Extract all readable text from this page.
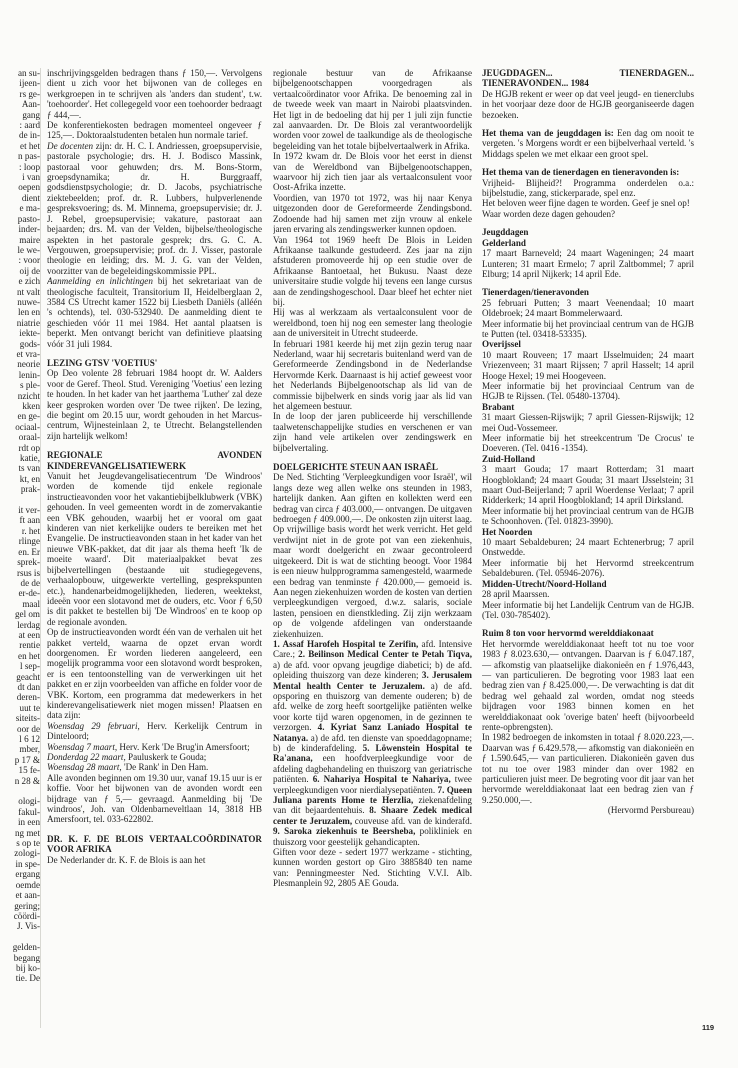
an su-

ijeen-

rs ge-

Aan-

gang

: aard

de in-

et het

n pas-

: loop

i van

oepen

dient

e ma-

pasto-

inder-

maire

le we-

: voor

oij de

e zich

nt valt

nuwe-

len en

niatrie

iekte-

gods-

et vra-

neorie

lenin-

s ple-

nzicht

kken

en ge-

ociaal-

oraal-

rdt op

katie,

ts van

kt, en

prak-

it ver-

ft aan

r. het

rlinge

en. Er

sprek-

rsus is

de de

er-de-

maal

gel om

lerdag

at een

rentie

en het

l sep-

geacht

dt dan

deren-

uut te

siteits-

oor de

l 6 12

mber,

p 17 &

15 fe-

n 28 &

ologi-

fakul-

in een

ng met

s op te

zologi-

in spe-

ergang

oemde

et aan-

gering;

cöördi-

J. Vis-

gelden-

begang

bij ko-

tie. De

inschrijvingsgelden bedragen thans ƒ 150,—. Vervolgens dient u zich voor het bijwonen van de colleges en werkgroepen in te schrijven als 'anders dan student', t.w. 'toehoorder'. Het collegegeld voor een toehoorder bedraagt ƒ 444,—.

De konferentiekosten bedragen momenteel ongeveer ƒ 125,—. Doktoraalstudenten betalen hun normale tarief.

De docenten zijn: dr. H. C. I. Andriessen, groepsupervisie, pastorale psychologie; drs. H. J. Bodisco Massink, pastoraal voor gehuwden; drs. M. Bons-Storm, groepsdynamika; dr. H. Burggraaff, godsdienstpsychologie; dr. D. Jacobs, psychiatrische ziektebeelden; prof. dr. R. Lubbers, hulpverlenende gespreksvoering; ds. M. Minnema, groepsupervisie; dr. J. J. Rebel, groepsupervisie; vakature, pastoraat aan bejaarden; drs. M. van der Velden, bijbelse/theologische aspekten in het pastorale gesprek; drs. G. C. A. Vergouwen, groepsupervisie; prof. dr. J. Visser, pastorale theologie en leiding; drs. M. J. G. van der Velden, voorzitter van de begeleidingskommissie PPL.

Aanmelding en inlichtingen bij het sekretariaat van de theologische faculteit, Transitorium II, Heidelberglaan 2, 3584 CS Utrecht kamer 1522 bij Liesbeth Daniëls (alléén 's ochtends), tel. 030-532940. De aanmelding dient te geschieden vóór 11 mei 1984. Het aantal plaatsen is beperkt. Men ontvangt bericht van definitieve plaatsing vóór 31 juli 1984.

LEZING GTSV 'VOETIUS'

Op Deo volente 28 februari 1984 hoopt dr. W. Aalders voor de Geref. Theol. Stud. Vereniging 'Voetius' een lezing te houden. In het kader van het jaarthema 'Luther' zal deze keer gesproken worden over 'De twee rijken'. De lezing, die begint om 20.15 uur, wordt gehouden in het Marcus-centrum, Wijnesteinlaan 2, te Utrecht. Belangstellenden zijn hartelijk welkom!

REGIONALE AVONDEN KINDEREVANGELISATIEWERK

Vanuit het Jeugdevangelisatiecentrum 'De Windroos' worden de komende tijd enkele regionale instructieavonden voor het vakantiebijbelklubwerk (VBK) gehouden. In veel gemeenten wordt in de zomervakantie een VBK gehouden, waarbij het er vooral om gaat kinderen van niet kerkelijke ouders te bereiken met het Evangelie. De instructieavonden staan in het kader van het nieuwe VBK-pakket, dat dit jaar als thema heeft 'Ik de moeite waard'. Dit materiaalpakket bevat zes bijbelvertellingen (bestaande uit studiegegevens, verhaalopbouw, uitgewerkte vertelling, gesprekspunten etc.), handenarbeidmogelijkheden, liederen, weektekst, ideeën voor een slotavond met de ouders, etc. Voor ƒ 6,50 is dit pakket te bestellen bij 'De Windroos' en te koop op de regionale avonden.

Op de instructieavonden wordt één van de verhalen uit het pakket verteld, waarna de opzet ervan wordt doorgenomen. Er worden liederen aangeleerd, een mogelijk programma voor een slotavond wordt besproken, er is een tentoonstelling van de verwerkingen uit het pakket en er zijn voorbeelden van affiche en folder voor de VBK. Kortom, een programma dat medewerkers in het kinderevangelisatiewerk niet mogen missen! Plaatsen en data zijn:

Woensdag 29 februari, Herv. Kerkelijk Centrum in Dinteloord;

Woensdag 7 maart, Herv. Kerk 'De Brug'in Amersfoort;

Donderdag 22 maart, Pauluskerk te Gouda;

Woensdag 28 maart, 'De Rank' in Den Ham.

Alle avonden beginnen om 19.30 uur, vanaf 19.15 uur is er koffie. Voor het bijwonen van de avonden wordt een bijdrage van ƒ 5,— gevraagd. Aanmelding bij 'De windroos', Joh. van Oldenbarneveltlaan 14, 3818 HB Amersfoort, tel. 033-622802.

DR. K. F. DE BLOIS VERTAALCOÖRDINATOR VOOR AFRIKA

De Nederlander dr. K. F. de Blois is aan het

regionale bestuur van de Afrikaanse bijbelgenootschappen voorgedragen als vertaalcoördinator voor Afrika. De benoeming zal in de tweede week van maart in Nairobi plaatsvinden. Het ligt in de bedoeling dat hij per 1 juli zijn functie zal aanvaarden. Dr. De Blois zal verantwoordelijk worden voor zowel de taalkundige als de theologische begeleiding van het totale bijbelvertaalwerk in Afrika.

In 1972 kwam dr. De Blois voor het eerst in dienst van de Wereldbond van Bijbelgenootschappen, waarvoor hij zich tien jaar als vertaalconsulent voor Oost-Afrika inzette.

Voordien, van 1970 tot 1972, was hij naar Kenya uitgezonden door de Gereformeerde Zendingsbond. Zodoende had hij samen met zijn vrouw al enkele jaren ervaring als zendingswerker kunnen opdoen.

Van 1964 tot 1969 heeft De Blois in Leiden Afrikaanse taalkunde gestudeerd. Zes jaar na zijn afstuderen promoveerde hij op een studie over de Afrikaanse Bantoetaal, het Bukusu. Naast deze universitaire studie volgde hij tevens een lange cursus aan de zendingshogeschool. Daar bleef het echter niet bij.

Hij was al werkzaam als vertaalconsulent voor de wereldbond, toen hij nog een semester lang theologie aan de universiteit in Utrecht studeerde.

In februari 1981 keerde hij met zijn gezin terug naar Nederland, waar hij secretaris buitenland werd van de Gereformeerde Zendingsbond in de Nederlandse Hervormde Kerk. Daarnaast is hij actief geweest voor het Nederlands Bijbelgenootschap als lid van de commissie bijbelwerk en sinds vorig jaar als lid van het algemeen bestuur.

In de loop der jaren publiceerde hij verschillende taalwetenschappelijke studies en verschenen er van zijn hand vele artikelen over zendingswerk en bijbelvertaling.

DOELGERICHTE STEUN AAN ISRAËL

De Ned. Stichting 'Verpleegkundigen voor Israël', wil langs deze weg allen welke ons steunden in 1983, hartelijk danken. Aan giften en kollekten werd een bedrag van circa ƒ 403.000,— ontvangen. De uitgaven bedroegen ƒ 409.000,—. De onkosten zijn uiterst laag. Op vrijwillige basis wordt het werk verricht. Het geld verdwijnt niet in de grote pot van een ziekenhuis, maar wordt doelgericht en zwaar gecontroleerd uitgekeerd. Dit is wat de stichting beoogt. Voor 1984 is een nieuw hulpprogramma samengesteld, waarmede een bedrag van tenminste ƒ 420.000,— gemoeid is. Aan negen ziekenhuizen worden de kosten van dertien verpleegkundigen vergoed, d.w.z. salaris, sociale lasten, pensioen en dienstkleding. Zij zijn werkzaam op de volgende afdelingen van onderstaande ziekenhuizen.

1. Assaf Harofeh Hospital te Zerifin, afd. Intensive Care.; 2. Beilinson Medical Center te Petah Tiqva, a) de afd. voor opvang jeugdige diabetici; b) de afd. opleiding thuiszorg van deze kinderen; 3. Jerusalem Mental health Center te Jeruzalem. a) de afd. opsporing en thuiszorg van demente ouderen; b) de afd. welke de zorg heeft soortgelijke patiënten welke voor korte tijd waren opgenomen, in de gezinnen te verzorgen. 4. Kyriat Sanz Laniado Hospital te Natanya. a) de afd. ten dienste van spoeddagopname; b) de kinderafdeling. 5. Löwenstein Hospital te Ra'anana, een hoofdverpleegkundige voor de afdeling dagbehandeling en thuiszorg van geriatrische patiënten. 6. Nahariya Hospital te Nahariya, twee verpleegkundigen voor nierdialysepatiënten. 7. Queen Juliana parents Home te Herzlia, ziekenafdeling van dit bejaardentehuis. 8. Shaare Zedek medical center te Jeruzalem, couveuse afd. van de kinderafd. 9. Saroka ziekenhuis te Beersheba, polikliniek en thuiszorg voor geestelijk gehandicapten.

Giften voor deze - sedert 1977 werkzame - stichting, kunnen worden gestort op Giro 3885840 ten name van: Penningmeester Ned. Stichting V.V.I. Alb. Plesmanplein 92, 2805 AE Gouda.

JEUGDDAGEN... TIENERDAGEN... TIENERAVONDEN... 1984

De HGJB rekent er weer op dat veel jeugd- en tienerclubs in het voorjaar deze door de HGJB georganiseerde dagen bezoeken.

Het thema van de jeugddagen is: Een dag om nooit te vergeten. 's Morgens wordt er een bijbelverhaal verteld. 's Middags spelen we met elkaar een groot spel.

Het thema van de tienerdagen en tieneravonden is:

Vrijheid- Blijheid?! Programma onderdelen o.a.: bijbelstudie, zang, stickerparade, spel enz.

Het beloven weer fijne dagen te worden. Geef je snel op!

Waar worden deze dagen gehouden?

Jeugddagen

Gelderland

17 maart Barneveld; 24 maart Wageningen; 24 maart Lunteren; 31 maart Ermelo; 7 april Zaltbommel; 7 april Elburg; 14 april Nijkerk; 14 april Ede.

Tienerdagen/tieneravonden

25 februari Putten; 3 maart Veenendaal; 10 maart Oldebroek; 24 maart Bommelerwaard.

Meer informatie bij het provinciaal centrum van de HGJB te Putten (tel. 03418-53335).

Overijssel

10 maart Rouveen; 17 maart IJsselmuiden; 24 maart Vriezenveen; 31 maart Rijssen; 7 april Hasselt; 14 april Hooge Hexel; 19 mei Hoogeveen.

Meer informatie bij het provinciaal Centrum van de HGJB te Rijssen. (Tel. 05480-13704).

Brabant

31 maart Giessen-Rijswijk; 7 april Giessen-Rijswijk; 12 mei Oud-Vossemeer.

Meer informatie bij het streekcentrum 'De Crocus' te Doeveren. (Tel. 0416 -1354).

Zuid-Holland

3 maart Gouda; 17 maart Rotterdam; 31 maart Hoogbloklanđ; 24 maart Gouda; 31 maart IJsselstein; 31 maart Oud-Beijerland; 7 april Woerdense Verlaat; 7 april Ridderkerk; 14 april Hoogbloklanđ; 14 april Dirksland.

Meer informatie bij het provinciaal centrum van de HGJB te Schoonhoven. (Tel. 01823-3990).

Het Noorden

10 maart Sebaldeburen; 24 maart Echtenerbrug; 7 april Onstwedde.

Meer informatie bij het Hervormd streekcentrum Sebaldeburen. (Tel. 05946-2076).

Midden-Utrecht/Noord-Holland

28 april Maarssen.

Meer informatie bij het Landelijk Centrum van de HGJB. (Tel. 030-785402).

Ruim 8 ton voor hervormd werelddiakonaat

Het hervormde werelddiakonaat heeft tot nu toe voor 1983 ƒ 8.023.630,— ontvangen. Daarvan is ƒ 6.047.187,— afkomstig van plaatselijke diakonieën en ƒ 1.976,443,— van particulieren. De begroting voor 1983 laat een bedrag zien van ƒ 8.425.000,—. De verwachting is dat dit bedrag wel gehaald zal worden, omdat nog steeds bijdragen voor 1983 binnen komen en het werelddiakonaat ook 'overige baten' heeft (bijvoorbeeld rente-opbrengsten).

In 1982 bedroegen de inkomsten in totaal ƒ 8.020.223,—. Daarvan was ƒ 6.429.578,— afkomstig van diakonieën en ƒ 1.590.645,— van particulieren. Diakonieën gaven dus tot nu toe over 1983 minder dan over 1982 en particulieren juist meer. De begroting voor dit jaar van het hervormde werelddiakonaat laat een bedrag zien van ƒ 9.250.000,—.

(Hervormd Persbureau)

119
